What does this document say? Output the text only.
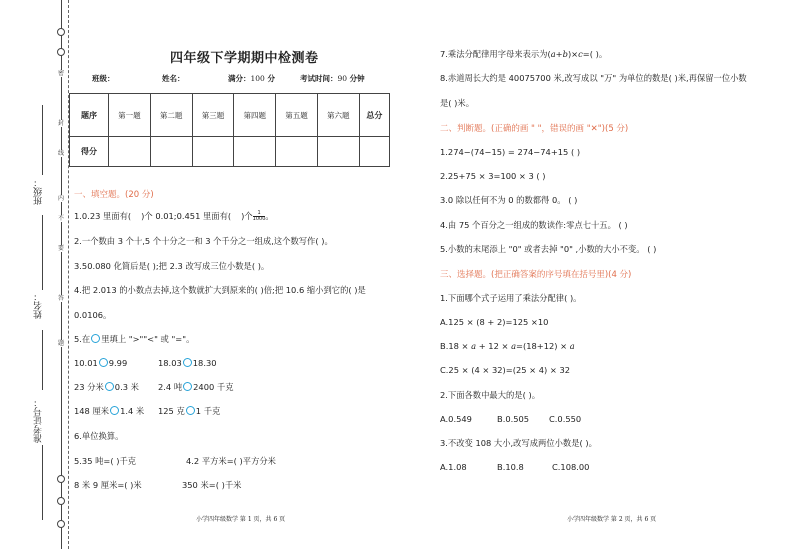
密
封
线
内
不
要
答
题
班级：
姓名：
准考证号：
四年级下学期期中检测卷
班级：	姓名：	满分：100 分	考试时间：90 分钟
题序	第一题	第二题	第三题	第四题	第五题	第六题	总分
得分							
一、填空题。(20 分)
1.0.23 里面有( )个 0.01;0.451 里面有( )个 $\frac{1}{1000}$ 。
2.一个数由 3 个十,5 个十分之一和 3 个千分之一组成,这个数写作( )。
3.50.080 化简后是( );把 2.3 改写成三位小数是( )。
4.把 2.013 的小数点去掉,这个数就扩大到原来的( )倍;把 10.6 缩小到它的( )是
0.0106。
5.在 里填上 ">""<" 或 "="。
10.01 9.99	18.03 18.30
23 分米 0.3 米 2.4 吨 2400 千克
148 厘米 1.4 米 125 克 1 千克
6.单位换算。
5.35 吨=( )千克	4.2 平方米=( )平方分米
8 米 9 厘米=( )米	350 米=( )千米
小学四年级数学 第 1 页，共 6 页
7.乘法分配律用字母来表示为(a+b)×c=( )。
8.赤道周长大约是 40075700 米,改写成以 "万" 为单位的数是( )米,再保留一位小数
是( )米。
二、判断题。(正确的画 " "，错误的画 "✕")(5 分)
1.274−(74−15) = 274−74+15 ( )
2.25+75 × 3=100 × 3 ( )
3.0 除以任何不为 0 的数都得 0。 ( )
4.由 75 个百分之一组成的数读作:零点七十五。 ( )
5.小数的末尾添上 "0" 或者去掉 "0" ,小数的大小不变。 ( )
三、选择题。(把正确答案的序号填在括号里)(4 分)
1.下面哪个式子运用了乘法分配律( )。
A.125 × (8 + 2)=125 ×10
B.18 × a + 12 × a=(18+12) × a
C.25 × (4 × 32)=(25 × 4) × 32
2.下面各数中最大的是( )。
A.0.549	B.0.505 C.0.550
3.不改变 108 大小,改写成两位小数是( )。
A.1.08	B.10.8	C.108.00
小学四年级数学 第 2 页，共 6 页
